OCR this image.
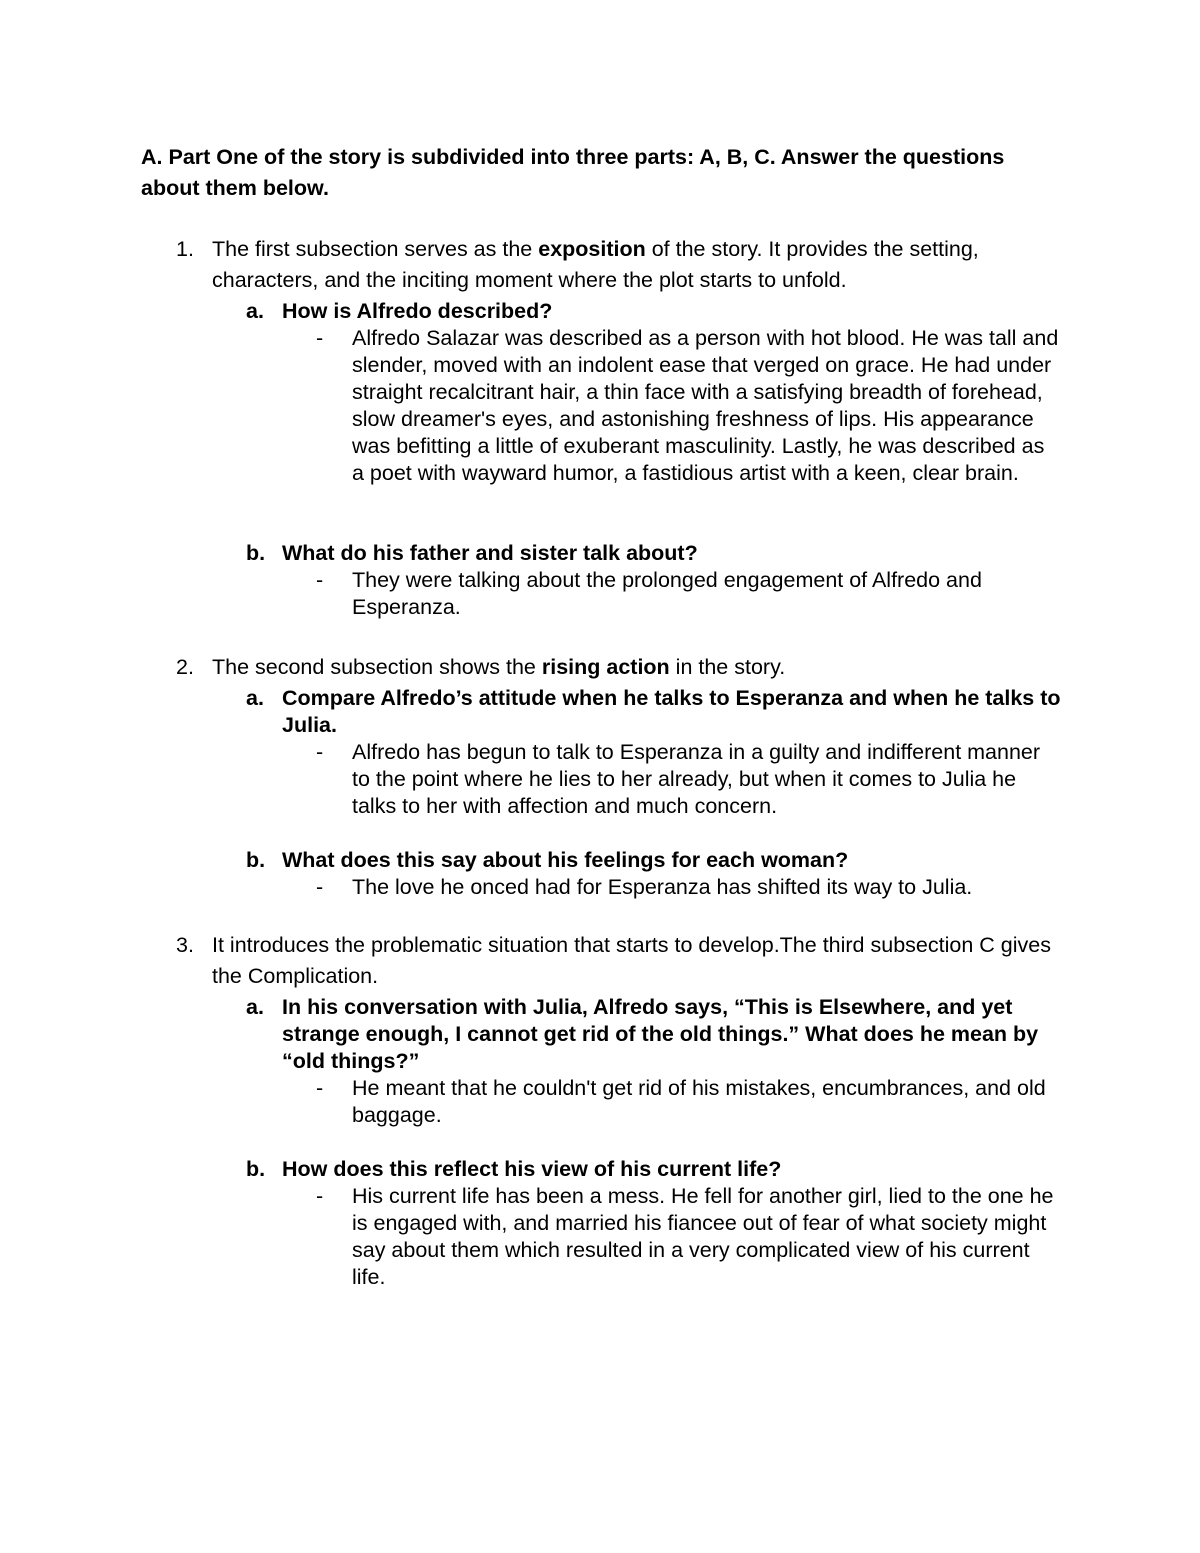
A. Part One of the story is subdivided into three parts: A, B, C. Answer the questions about them below.

1. The first subsection serves as the exposition of the story. It provides the setting, characters, and the inciting moment where the plot starts to unfold.

a. How is Alfredo described?

- Alfredo Salazar was described as a person with hot blood. He was tall and slender, moved with an indolent ease that verged on grace. He had under straight recalcitrant hair, a thin face with a satisfying breadth of forehead, slow dreamer's eyes, and astonishing freshness of lips. His appearance was befitting a little of exuberant masculinity. Lastly, he was described as a poet with wayward humor, a fastidious artist with a keen, clear brain.

b. What do his father and sister talk about?

- They were talking about the prolonged engagement of Alfredo and Esperanza.

2. The second subsection shows the rising action in the story.

a. Compare Alfredo’s attitude when he talks to Esperanza and when he talks to Julia.

- Alfredo has begun to talk to Esperanza in a guilty and indifferent manner to the point where he lies to her already, but when it comes to Julia he talks to her with affection and much concern.

b. What does this say about his feelings for each woman?

- The love he onced had for Esperanza has shifted its way to Julia.

3. It introduces the problematic situation that starts to develop.The third subsection C gives the Complication.

a. In his conversation with Julia, Alfredo says, “This is Elsewhere, and yet strange enough, I cannot get rid of the old things.” What does he mean by “old things?”

- He meant that he couldn't get rid of his mistakes, encumbrances, and old baggage.

b. How does this reflect his view of his current life?

- His current life has been a mess. He fell for another girl, lied to the one he is engaged with, and married his fiancee out of fear of what society might say about them which resulted in a very complicated view of his current life.
